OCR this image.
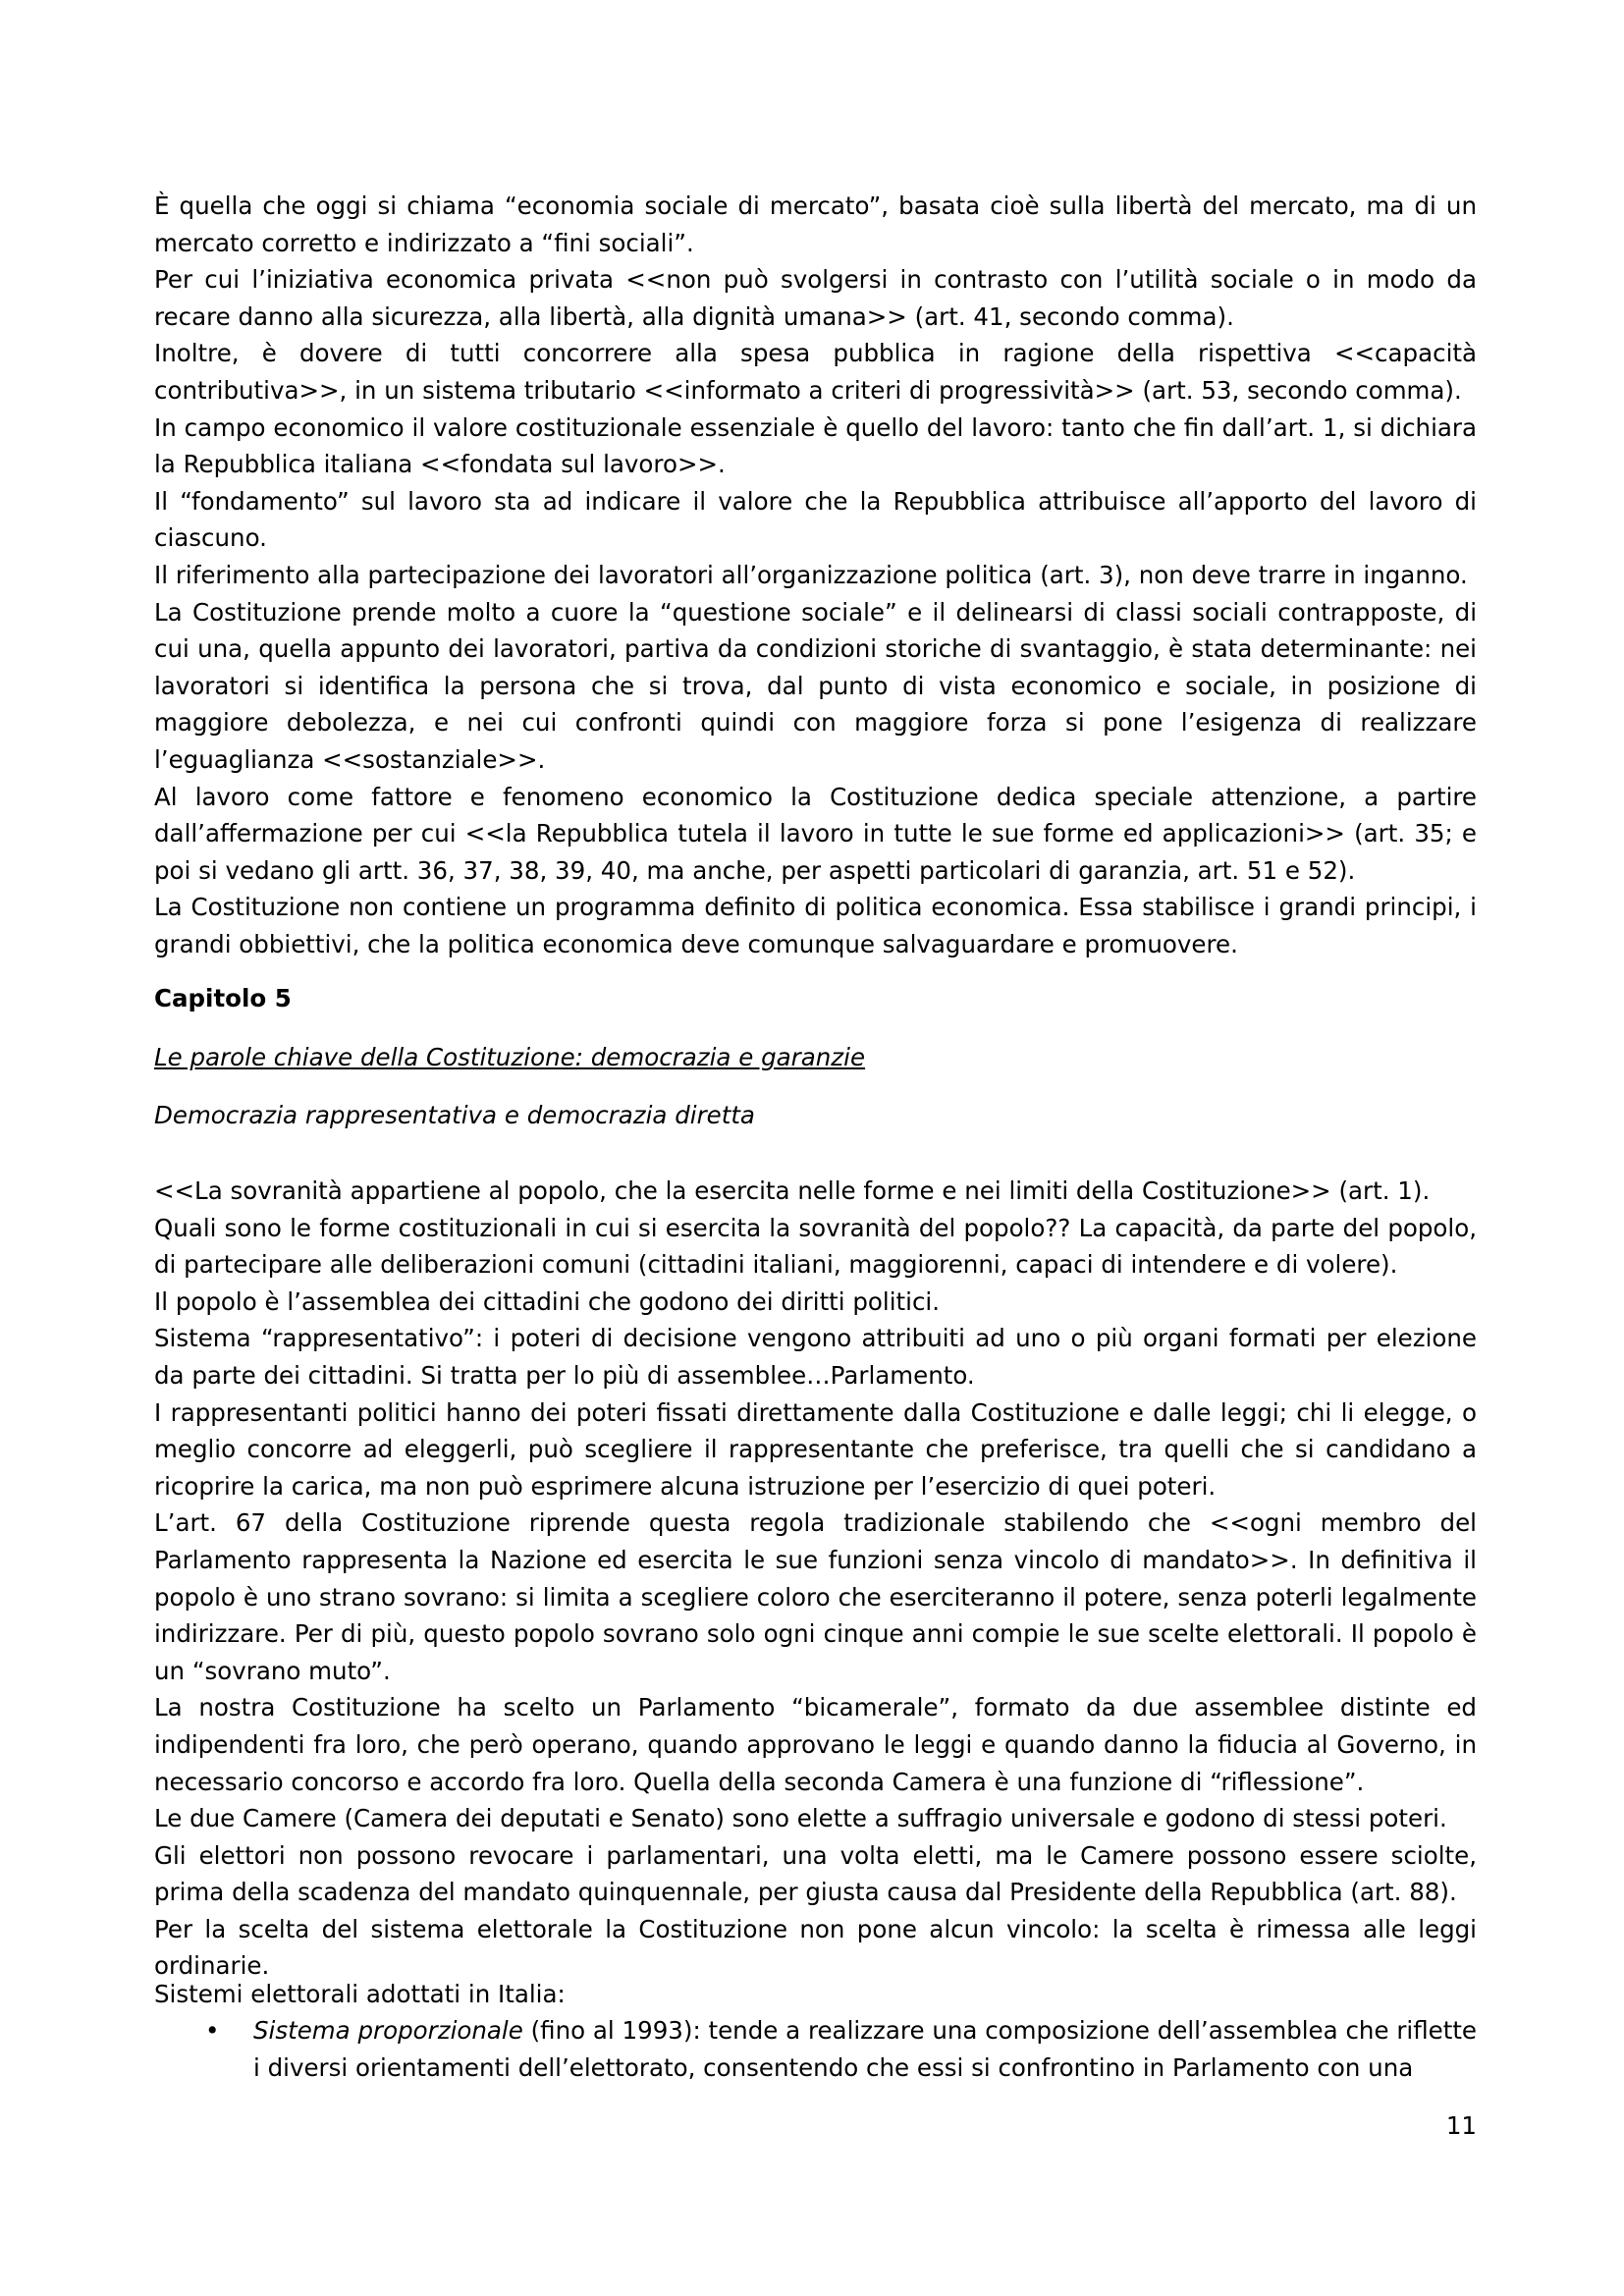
È quella che oggi si chiama “economia sociale di mercato”, basata cioè sulla libertà del mercato, ma di un mercato corretto e indirizzato a “fini sociali”.
Per cui l’iniziativa economica privata <<non può svolgersi in contrasto con l’utilità sociale o in modo da recare danno alla sicurezza, alla libertà, alla dignità umana>> (art. 41, secondo comma).
Inoltre, è dovere di tutti concorrere alla spesa pubblica in ragione della rispettiva <<capacità contributiva>>, in un sistema tributario <<informato a criteri di progressività>> (art. 53, secondo comma).
In campo economico il valore costituzionale essenziale è quello del lavoro: tanto che fin dall’art. 1, si dichiara la Repubblica italiana <<fondata sul lavoro>>.
Il “fondamento” sul lavoro sta ad indicare il valore che la Repubblica attribuisce all’apporto del lavoro di ciascuno.
Il riferimento alla partecipazione dei lavoratori all’organizzazione politica (art. 3), non deve trarre in inganno.
La Costituzione prende molto a cuore la “questione sociale” e il delinearsi di classi sociali contrapposte, di cui una, quella appunto dei lavoratori, partiva da condizioni storiche di svantaggio, è stata determinante: nei lavoratori si identifica la persona che si trova, dal punto di vista economico e sociale, in posizione di maggiore debolezza, e nei cui confronti quindi con maggiore forza si pone l’esigenza di realizzare l’eguaglianza <<sostanziale>>.
Al lavoro come fattore e fenomeno economico la Costituzione dedica speciale attenzione, a partire dall’affermazione per cui <<la Repubblica tutela il lavoro in tutte le sue forme ed applicazioni>> (art. 35; e poi si vedano gli artt. 36, 37, 38, 39, 40, ma anche, per aspetti particolari di garanzia, art. 51 e 52).
La Costituzione non contiene un programma definito di politica economica. Essa stabilisce i grandi principi, i grandi obbiettivi, che la politica economica deve comunque salvaguardare e promuovere.
Capitolo 5
Le parole chiave della Costituzione: democrazia e garanzie
Democrazia rappresentativa e democrazia diretta
<<La sovranità appartiene al popolo, che la esercita nelle forme e nei limiti della Costituzione>> (art. 1).
Quali sono le forme costituzionali in cui si esercita la sovranità del popolo?? La capacità, da parte del popolo, di partecipare alle deliberazioni comuni (cittadini italiani, maggiorenni, capaci di intendere e di volere).
Il popolo è l’assemblea dei cittadini che godono dei diritti politici.
Sistema “rappresentativo”: i poteri di decisione vengono attribuiti ad uno o più organi formati per elezione da parte dei cittadini. Si tratta per lo più di assemblee…Parlamento.
I rappresentanti politici hanno dei poteri fissati direttamente dalla Costituzione e dalle leggi; chi li elegge, o meglio concorre ad eleggerli, può scegliere il rappresentante che preferisce, tra quelli che si candidano a ricoprire la carica, ma non può esprimere alcuna istruzione per l’esercizio di quei poteri.
L’art. 67 della Costituzione riprende questa regola tradizionale stabilendo che <<ogni membro del Parlamento rappresenta la Nazione ed esercita le sue funzioni senza vincolo di mandato>>. In definitiva il popolo è uno strano sovrano: si limita a scegliere coloro che eserciteranno il potere, senza poterli legalmente indirizzare. Per di più, questo popolo sovrano solo ogni cinque anni compie le sue scelte elettorali. Il popolo è un “sovrano muto”.
La nostra Costituzione ha scelto un Parlamento “bicamerale”, formato da due assemblee distinte ed indipendenti fra loro, che però operano, quando approvano le leggi e quando danno la fiducia al Governo, in necessario concorso e accordo fra loro. Quella della seconda Camera è una funzione di “riflessione”.
Le due Camere (Camera dei deputati e Senato) sono elette a suffragio universale e godono di stessi poteri.
Gli elettori non possono revocare i parlamentari, una volta eletti, ma le Camere possono essere sciolte, prima della scadenza del mandato quinquennale, per giusta causa dal Presidente della Repubblica (art. 88).
Per la scelta del sistema elettorale la Costituzione non pone alcun vincolo: la scelta è rimessa alle leggi ordinarie.
Sistemi elettorali adottati in Italia:
• Sistema proporzionale (fino al 1993): tende a realizzare una composizione dell’assemblea che riflette i diversi orientamenti dell’elettorato, consentendo che essi si confrontino in Parlamento con una
11
